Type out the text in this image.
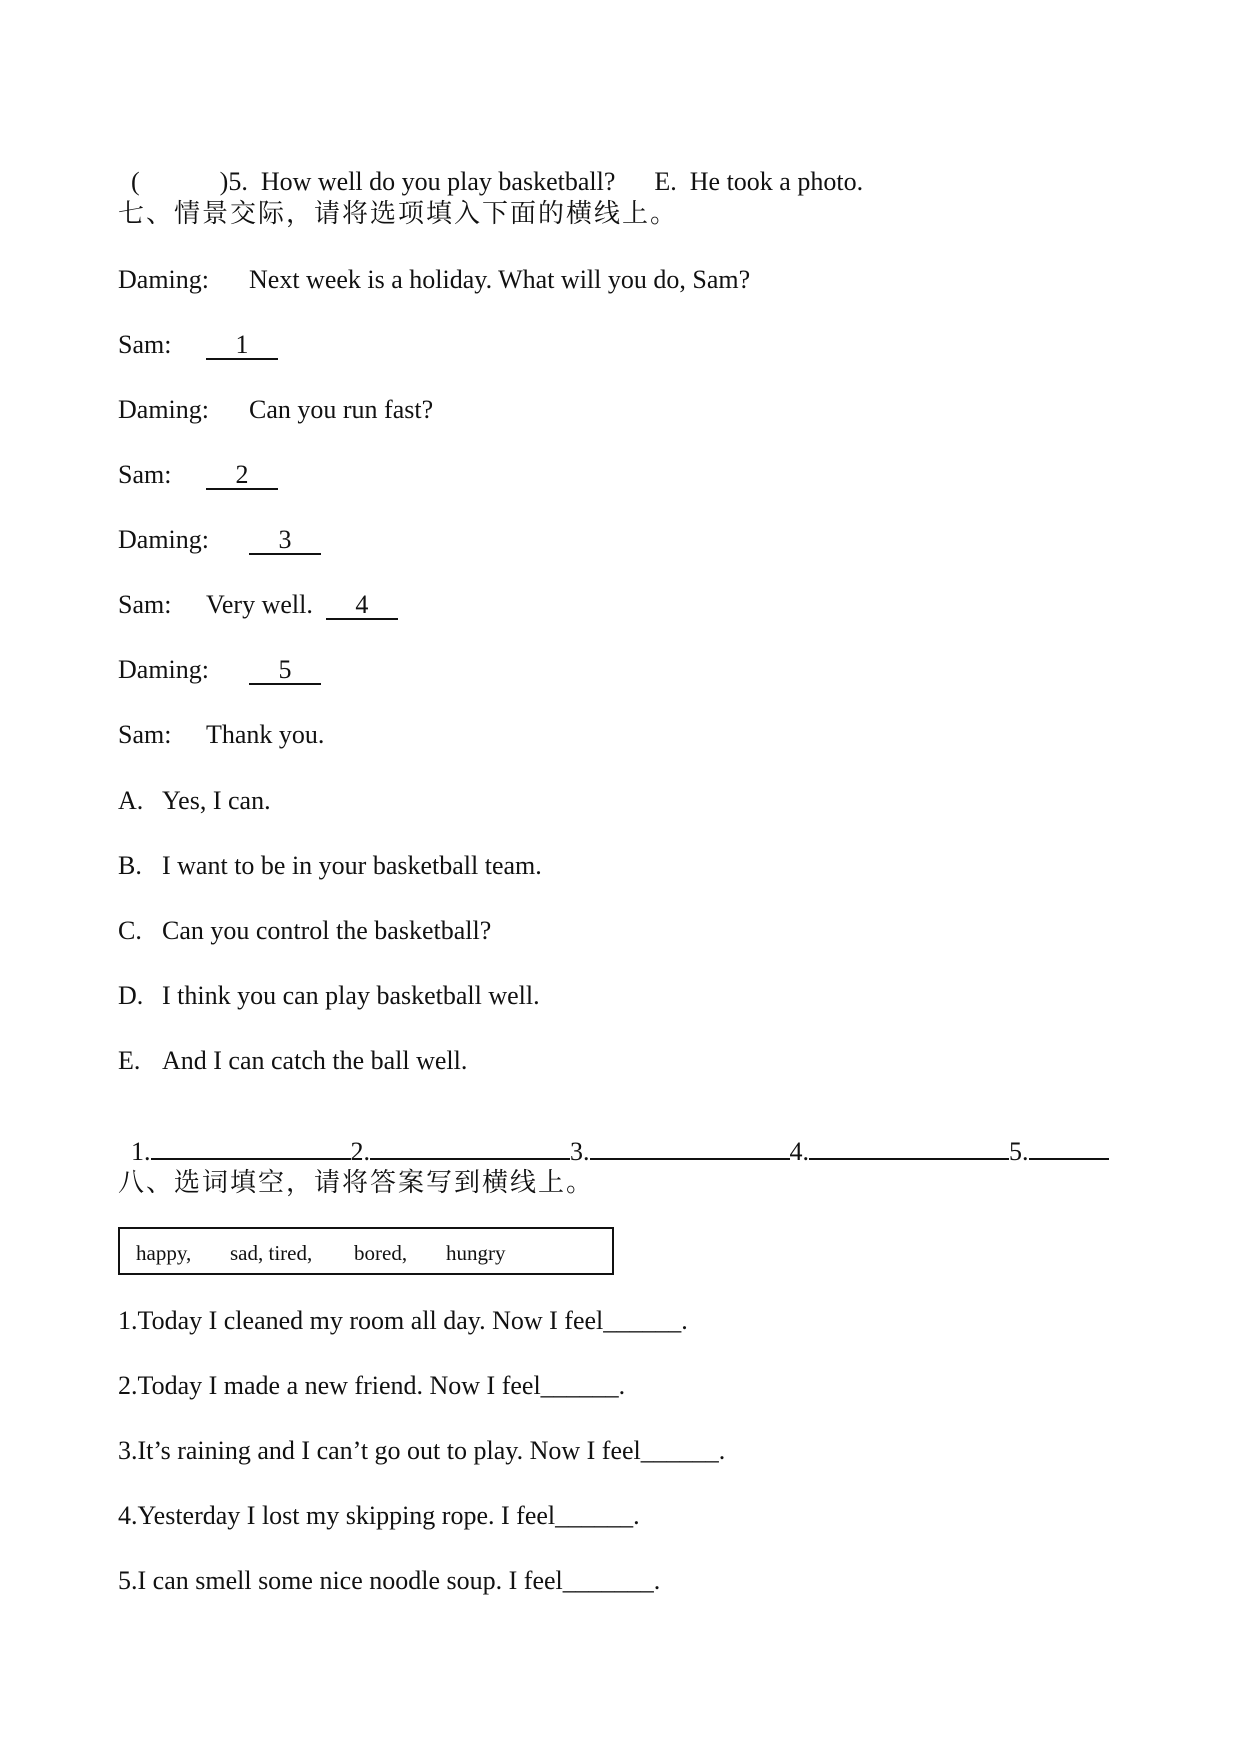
(	)5. How well do you play basketball? E. He took a photo.

七、情景交际，请将选项填入下面的横线上。
Daming: Next week is a holiday. What will you do, Sam?
Sam: 1
Daming: Can you run fast?
Sam: 2
Daming:	3
Sam: Very well. 4
Daming:	5
Sam: Thank you.
A. Yes, I can.
B. I want to be in your basketball team.
C. Can you control the basketball?
D. I think you can play basketball well.
E. And I can catch the ball well.

1.	2.	3.	4.	5.

八、选词填空，请将答案写到横线上。
happy, sad, tired, bored, hungry
1.Today I cleaned my room all day. Now I feel______.
2.Today I made a new friend. Now I feel______.
3.It’s raining and I can’t go out to play. Now I feel______.
4.Yesterday I lost my skipping rope. I feel______.
5.I can smell some nice noodle soup. I feel_______.
